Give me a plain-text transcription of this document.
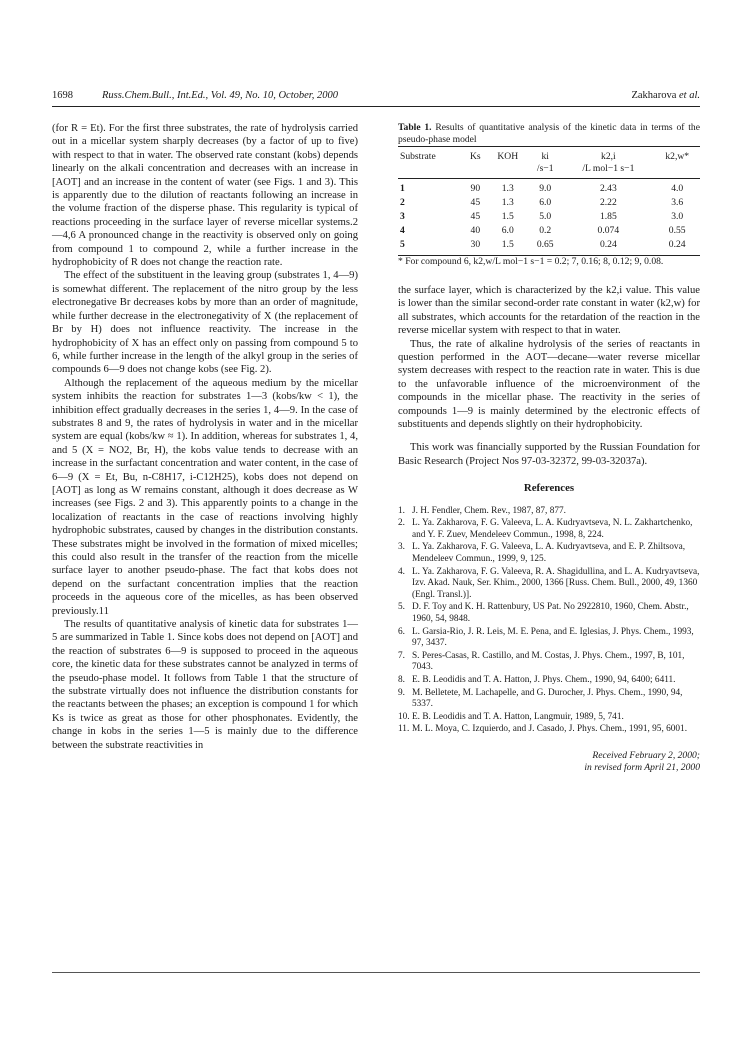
1698	Russ.Chem.Bull., Int.Ed., Vol. 49, No. 10, October, 2000	Zakharova et al.

(for R = Et). For the first three substrates, the rate of hydrolysis carried out in a micellar system sharply decreases (by a factor of up to five) with respect to that in water. The observed rate constant (kobs) depends linearly on the alkali concentration and decreases with an increase in [AOT] and an increase in the content of water (see Figs. 1 and 3). This is apparently due to the dilution of reactants following an increase in the volume fraction of the disperse phase. This regularity is typical of reactions proceeding in the surface layer of reverse micellar systems.2—4,6 A pronounced change in the reactivity is observed only on going from compound 1 to compound 2, while a further increase in the hydrophobicity of R does not change the reaction rate.

The effect of the substituent in the leaving group (substrates 1, 4—9) is somewhat different. The replacement of the nitro group by the less electronegative Br decreases kobs by more than an order of magnitude, while further decrease in the electronegativity of X (the replacement of Br by H) does not influence reactivity. The increase in the hydrophobicity of X has an effect only on passing from compound 5 to 6, while further increase in the length of the alkyl group in the series of compounds 6—9 does not change kobs (see Fig. 2).

Although the replacement of the aqueous medium by the micellar system inhibits the reaction for substrates 1—3 (kobs/kw < 1), the inhibition effect gradually decreases in the series 1, 4—9. In the case of substrates 8 and 9, the rates of hydrolysis in water and in the micellar system are equal (kobs/kw ≈ 1). In addition, whereas for substrates 1, 4, and 5 (X = NO2, Br, H), the kobs value tends to decrease with an increase in the surfactant concentration and water content, in the case of 6—9 (X = Et, Bu, n-C8H17, i-C12H25), kobs does not depend on [AOT] as long as W remains constant, although it does decrease as W increases (see Figs. 2 and 3). This apparently points to a change in the localization of reactants in the case of reactions involving highly hydrophobic substrates, caused by changes in the distribution constants. These substrates might be involved in the formation of mixed micelles; this could also result in the transfer of the reaction from the micelle surface layer to another pseudo-phase. The fact that kobs does not depend on the surfactant concentration implies that the reaction proceeds in the aqueous core of the micelles, as has been observed previously.11

The results of quantitative analysis of kinetic data for substrates 1—5 are summarized in Table 1. Since kobs does not depend on [AOT] and the reaction of substrates 6—9 is supposed to proceed in the aqueous core, the kinetic data for these substrates cannot be analyzed in terms of the pseudo-phase model. It follows from Table 1 that the structure of the substrate virtually does not influence the distribution constants for the reactants between the phases; an exception is compound 1 for which Ks is twice as great as those for other phosphonates. Evidently, the change in kobs in the series 1—5 is mainly due to the difference between the substrate reactivities in

Table 1. Results of quantitative analysis of the kinetic data in terms of the pseudo-phase model

Substrate	Ks	KOH	ki	k2,i	k2,w*
			/s−1	/L mol−1 s−1	
1	90	1.3	9.0	2.43	4.0
2	45	1.3	6.0	2.22	3.6
3	45	1.5	5.0	1.85	3.0
4	40	6.0	0.2	0.074	0.55
5	30	1.5	0.65	0.24	0.24

* For compound 6, k2,w/L mol−1 s−1 = 0.2; 7, 0.16; 8, 0.12; 9, 0.08.

the surface layer, which is characterized by the k2,i value. This value is lower than the similar second-order rate constant in water (k2,w) for all substrates, which accounts for the retardation of the reaction in the reverse micellar system with respect to that in water.

Thus, the rate of alkaline hydrolysis of the series of reactants in question performed in the AOT—decane—water reverse micellar system decreases with respect to the reaction rate in water. This is due to the unfavorable influence of the microenvironment of the compounds in the micellar phase. The reactivity in the series of compounds 1—9 is mainly determined by the electronic effects of substituents and depends slightly on their hydrophobicity.

This work was financially supported by the Russian Foundation for Basic Research (Project Nos 97-03-32372, 99-03-32037a).

References
1. J. H. Fendler, Chem. Rev., 1987, 87, 877.
2. L. Ya. Zakharova, F. G. Valeeva, L. A. Kudryavtseva, N. L. Zakhartchenko, and Y. F. Zuev, Mendeleev Commun., 1998, 8, 224.
3. L. Ya. Zakharova, F. G. Valeeva, L. A. Kudryavtseva, and E. P. Zhiltsova, Mendeleev Commun., 1999, 9, 125.
4. L. Ya. Zakharova, F. G. Valeeva, R. A. Shagidullina, and L. A. Kudryavtseva, Izv. Akad. Nauk, Ser. Khim., 2000, 1366 [Russ. Chem. Bull., 2000, 49, 1360 (Engl. Transl.)].
5. D. F. Toy and K. H. Rattenbury, US Pat. No 2922810, 1960, Chem. Abstr., 1960, 54, 9848.
6. L. Garsia-Rio, J. R. Leis, M. E. Pena, and E. Iglesias, J. Phys. Chem., 1993, 97, 3437.
7. S. Peres-Casas, R. Castillo, and M. Costas, J. Phys. Chem., 1997, B, 101, 7043.
8. E. B. Leodidis and T. A. Hatton, J. Phys. Chem., 1990, 94, 6400; 6411.
9. M. Belletete, M. Lachapelle, and G. Durocher, J. Phys. Chem., 1990, 94, 5337.
10. E. B. Leodidis and T. A. Hatton, Langmuir, 1989, 5, 741.
11. M. L. Moya, C. Izquierdo, and J. Casado, J. Phys. Chem., 1991, 95, 6001.
Received February 2, 2000;
in revised form April 21, 2000
